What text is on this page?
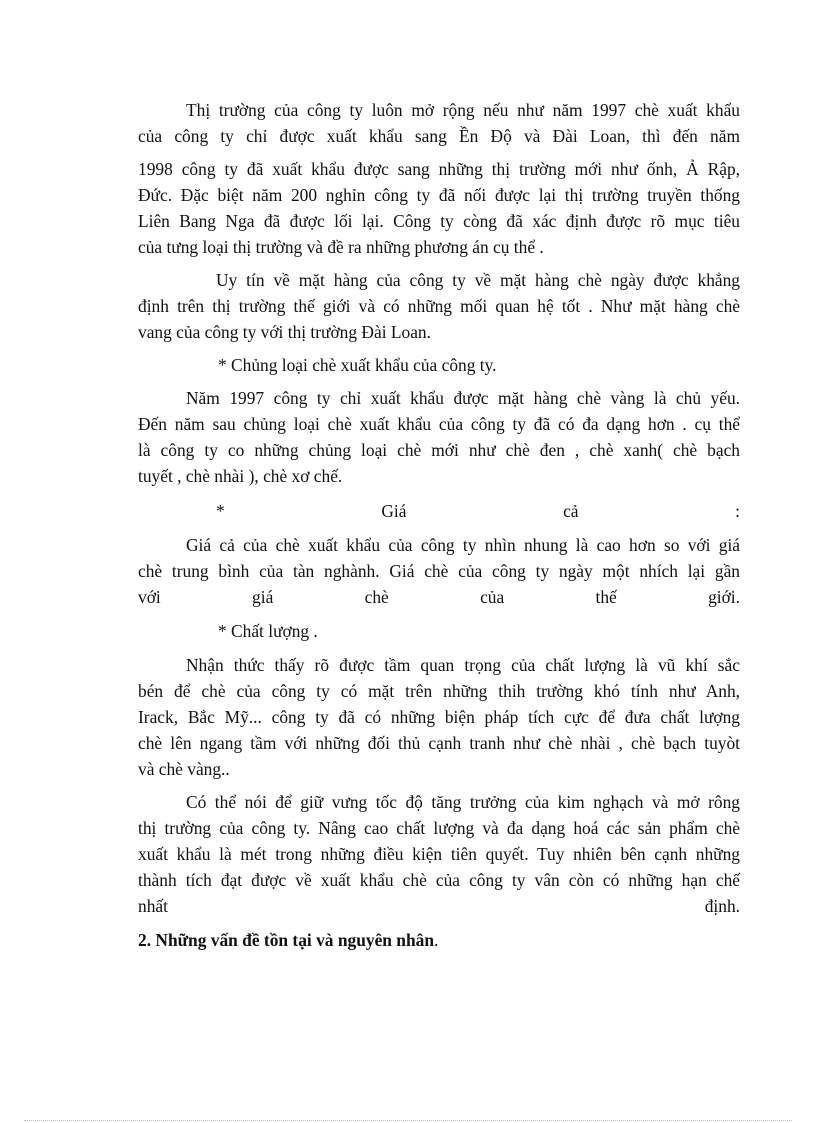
Thị trường của công ty luôn mở rộng nếu như năm 1997 chè xuất khẩu
của công ty chỉ được xuất khẩu sang Ền Độ và Đài Loan, thì đến năm
1998 công ty đã xuất khẩu được sang những thị trường mới như ốnh, Ả Rập,
Đức. Đặc biệt năm 200 nghỉn công ty đã nối được lại thị trường truyền thống
Liên Bang Nga đã được lối lại. Công ty còng đã xác định được rõ mục tiêu
của tưng loại thị trường và đề ra những phương án cụ thể .
Uy tín về mặt hàng của công ty về mặt hàng chè ngày được khẳng
định trên thị trường thế giới và có những mối quan hệ tốt . Như mặt hàng chè
vang của công ty với thị trường Đài Loan.
* Chủng loại chè xuất khẩu của công ty.
Năm 1997 công ty chỉ xuất khẩu được mặt hàng chè vàng là chủ yếu.
Đến năm sau chủng loại chè xuất khẩu của công ty đã có đa dạng hơn . cụ thể
là công ty co những chủng loại chè mới như chè đen , chè xanh( chè bạch
tuyết , chè nhài ), chè xơ chế.
*	Giá	cả	:
Giá cả của chè xuất khẩu của công ty nhìn nhung là cao hơn so với giá
chè trung bình của tàn nghành. Giá chè của công ty ngày một nhích lại gần
với	giá	chè	của	thế	giới.
* Chất lượng .
Nhận thức thấy rõ được tầm quan trọng của chất lượng là vũ khí sắc
bén để chè của công ty có mặt trên những thih trường khó tính như Anh,
Irack, Bắc Mỹ... công ty đã có những biện pháp tích cực để đưa chất lượng
chè lên ngang tầm với những đối thủ cạnh tranh như chè nhài , chè bạch tuyòt
và chè vàng..
Có thể nói để giữ vưng tốc độ tăng trưởng của kim nghạch và mở rông
thị trường của công ty. Nâng cao chất lượng và đa dạng hoá các sản phẩm chè
xuất khẩu là mét trong những điều kiện tiên quyết. Tuy nhiên bên cạnh những
thành tích đạt được về xuất khẩu chè của công ty vân còn có những hạn chế
nhất	định.
2. Những vấn đề tồn tại và nguyên nhân.
